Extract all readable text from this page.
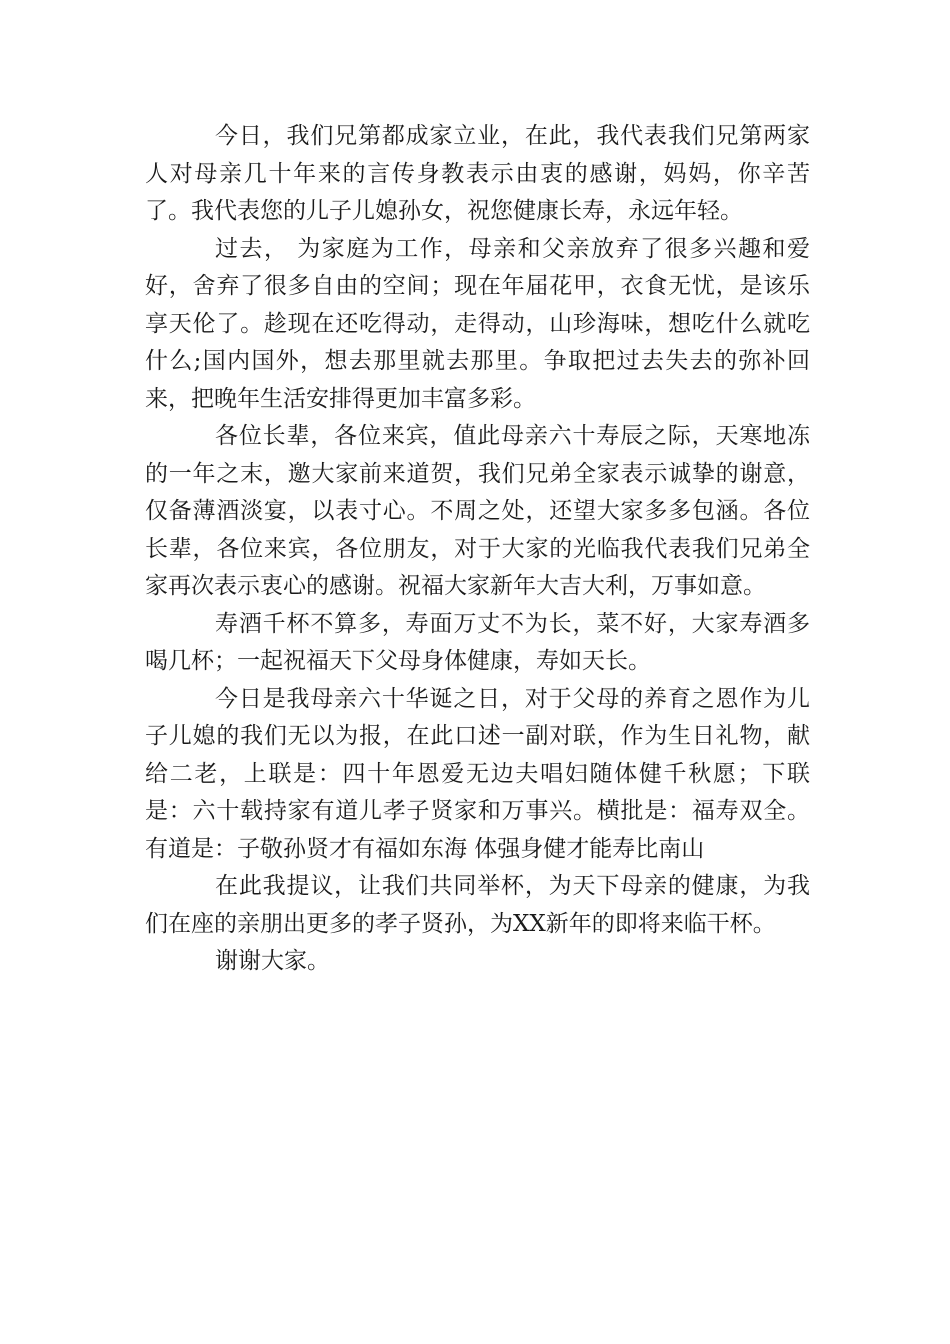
今日，我们兄第都成家立业，在此，我代表我们兄第两家人对母亲几十年来的言传身教表示由衷的感谢，妈妈，你辛苦了。我代表您的儿子儿媳孙女，祝您健康长寿，永远年轻。

过去， 为家庭为工作，母亲和父亲放弃了很多兴趣和爱好，舍弃了很多自由的空间；现在年届花甲，衣食无忧，是该乐享天伦了。趁现在还吃得动，走得动，山珍海味，想吃什么就吃什么;国内国外，想去那里就去那里。争取把过去失去的弥补回来，把晚年生活安排得更加丰富多彩。

各位长辈，各位来宾，值此母亲六十寿辰之际，天寒地冻的一年之末，邀大家前来道贺，我们兄弟全家表示诚挚的谢意，仅备薄酒淡宴，以表寸心。不周之处，还望大家多多包涵。各位长辈，各位来宾，各位朋友，对于大家的光临我代表我们兄弟全家再次表示衷心的感谢。祝福大家新年大吉大利，万事如意。

寿酒千杯不算多，寿面万丈不为长，菜不好，大家寿酒多喝几杯；一起祝福天下父母身体健康，寿如天长。

今日是我母亲六十华诞之日，对于父母的养育之恩作为儿子儿媳的我们无以为报，在此口述一副对联，作为生日礼物，献给二老，上联是：四十年恩爱无边夫唱妇随体健千秋愿；下联是：六十载持家有道儿孝子贤家和万事兴。横批是：福寿双全。有道是：子敬孙贤才有福如东海 体强身健才能寿比南山

在此我提议，让我们共同举杯，为天下母亲的健康，为我们在座的亲朋出更多的孝子贤孙，为XX新年的即将来临干杯。

谢谢大家。
